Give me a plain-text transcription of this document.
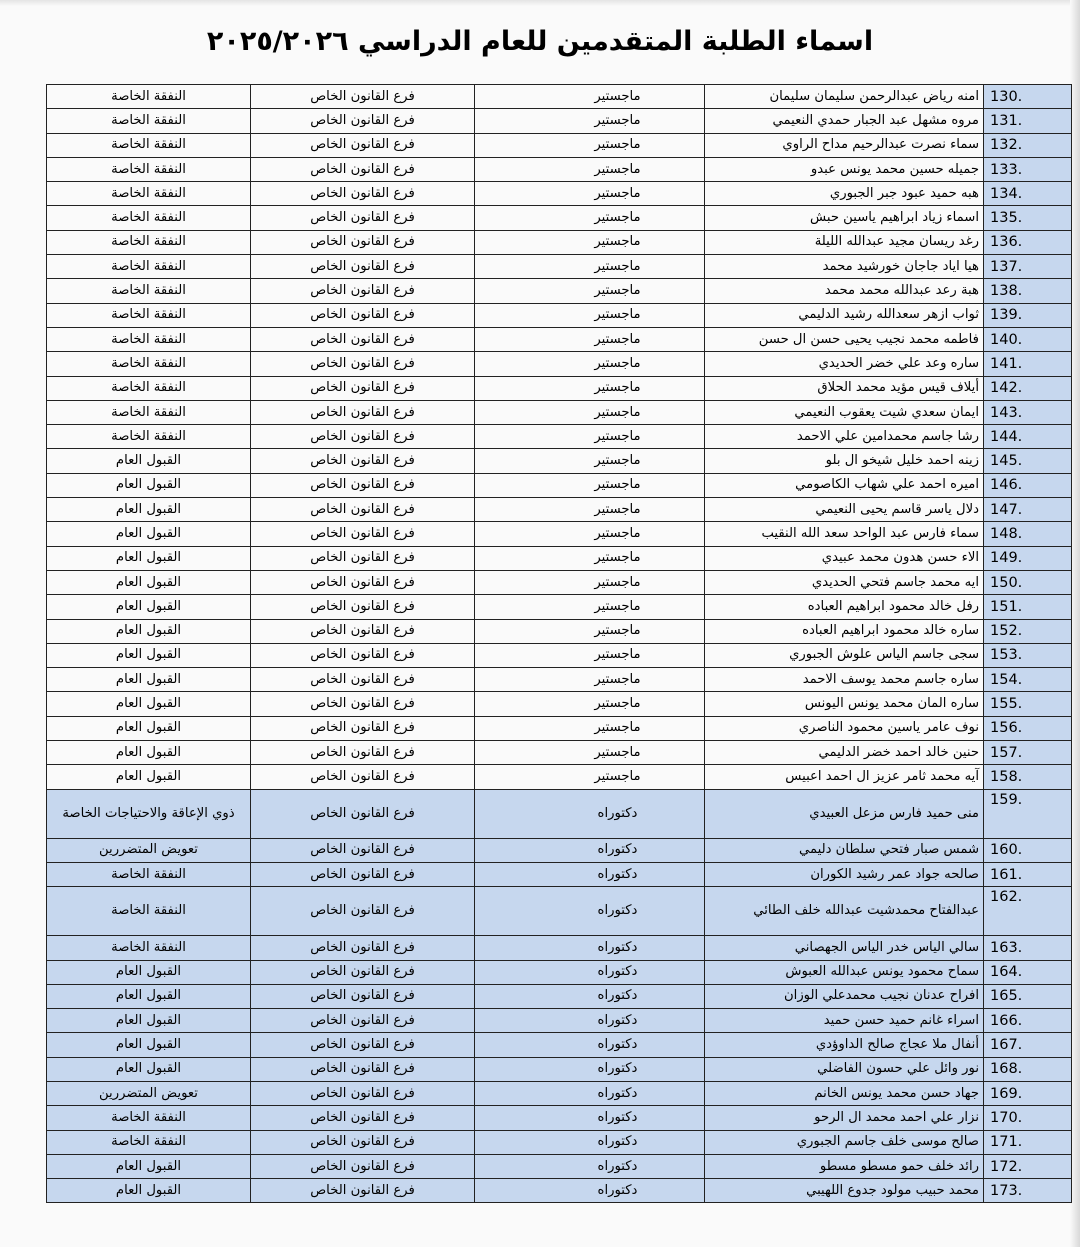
اسماء الطلبة المتقدمين للعام الدراسي ٢٠٢٥/٢٠٢٦
130.	امنه رياض عبدالرحمن سليمان سليمان	ماجستير	فرع القانون الخاص	النفقة الخاصة
131.	مروه مشهل عبد الجبار حمدي النعيمي	ماجستير	فرع القانون الخاص	النفقة الخاصة
132.	سماء نصرت عبدالرحيم مداح الراوي	ماجستير	فرع القانون الخاص	النفقة الخاصة
133.	جميله حسين محمد يونس عبدو	ماجستير	فرع القانون الخاص	النفقة الخاصة
134.	هبه حميد عبود جبر الجبوري	ماجستير	فرع القانون الخاص	النفقة الخاصة
135.	اسماء زياد ابراهيم ياسين حبش	ماجستير	فرع القانون الخاص	النفقة الخاصة
136.	رغد ريسان مجيد عبدالله الليلة	ماجستير	فرع القانون الخاص	النفقة الخاصة
137.	هيا اياد جاجان خورشيد محمد	ماجستير	فرع القانون الخاص	النفقة الخاصة
138.	هبة رعد عبدالله محمد محمد	ماجستير	فرع القانون الخاص	النفقة الخاصة
139.	ثواب ازهر سعدالله رشيد الدليمي	ماجستير	فرع القانون الخاص	النفقة الخاصة
140.	فاطمه محمد نجيب يحيى حسن ال حسن	ماجستير	فرع القانون الخاص	النفقة الخاصة
141.	ساره وعد علي خضر الحديدي	ماجستير	فرع القانون الخاص	النفقة الخاصة
142.	أيلاف قيس مؤيد محمد الحلاق	ماجستير	فرع القانون الخاص	النفقة الخاصة
143.	ايمان سعدي شيت يعقوب النعيمي	ماجستير	فرع القانون الخاص	النفقة الخاصة
144.	رشا جاسم محمدامين علي الاحمد	ماجستير	فرع القانون الخاص	النفقة الخاصة
145.	زينه احمد خليل شيخو ال بلو	ماجستير	فرع القانون الخاص	القبول العام
146.	اميره احمد علي شهاب الكاصومي	ماجستير	فرع القانون الخاص	القبول العام
147.	دلال ياسر قاسم يحيى النعيمي	ماجستير	فرع القانون الخاص	القبول العام
148.	سماء فارس عبد الواحد سعد الله النقيب	ماجستير	فرع القانون الخاص	القبول العام
149.	الاء حسن هدون محمد عبيدي	ماجستير	فرع القانون الخاص	القبول العام
150.	ايه محمد جاسم فتحي الحديدي	ماجستير	فرع القانون الخاص	القبول العام
151.	رفل خالد محمود ابراهيم العباده	ماجستير	فرع القانون الخاص	القبول العام
152.	ساره خالد محمود ابراهيم العباده	ماجستير	فرع القانون الخاص	القبول العام
153.	سجى جاسم الياس علوش الجبوري	ماجستير	فرع القانون الخاص	القبول العام
154.	ساره جاسم محمد يوسف الاحمد	ماجستير	فرع القانون الخاص	القبول العام
155.	ساره المان محمد يونس اليونس	ماجستير	فرع القانون الخاص	القبول العام
156.	نوف عامر ياسين محمود الناصري	ماجستير	فرع القانون الخاص	القبول العام
157.	حنين خالد احمد خضر الدليمي	ماجستير	فرع القانون الخاص	القبول العام
158.	آيه محمد ثامر عزيز ال احمد اعبيس	ماجستير	فرع القانون الخاص	القبول العام
159.	منى حميد فارس مزعل العبيدي	دكتوراه	فرع القانون الخاص	ذوي الإعاقة والاحتياجات الخاصة
160.	شمس صبار فتحي سلطان دليمي	دكتوراه	فرع القانون الخاص	تعويض المتضررين
161.	صالحه جواد عمر رشيد الكوران	دكتوراه	فرع القانون الخاص	النفقة الخاصة
162.	عبدالفتاح محمدشيت عبدالله خلف الطائي	دكتوراه	فرع القانون الخاص	النفقة الخاصة
163.	سالي الياس خدر الياس الجهصاني	دكتوراه	فرع القانون الخاص	النفقة الخاصة
164.	سماح محمود يونس عبدالله العبوش	دكتوراه	فرع القانون الخاص	القبول العام
165.	افراح عدنان نجيب محمدعلي الوزان	دكتوراه	فرع القانون الخاص	القبول العام
166.	اسراء غانم حميد حسن حميد	دكتوراه	فرع القانون الخاص	القبول العام
167.	أنفال ملا عجاج صالح الداوؤدي	دكتوراه	فرع القانون الخاص	القبول العام
168.	نور وائل علي حسون الفاضلي	دكتوراه	فرع القانون الخاص	القبول العام
169.	جهاد حسن محمد يونس الخانم	دكتوراه	فرع القانون الخاص	تعويض المتضررين
170.	نزار علي احمد محمد ال الرحو	دكتوراه	فرع القانون الخاص	النفقة الخاصة
171.	صالح موسى خلف جاسم الجبوري	دكتوراه	فرع القانون الخاص	النفقة الخاصة
172.	رائد خلف حمو مسطو مسطو	دكتوراه	فرع القانون الخاص	القبول العام
173.	محمد حبيب مولود جدوع اللهيبي	دكتوراه	فرع القانون الخاص	القبول العام
